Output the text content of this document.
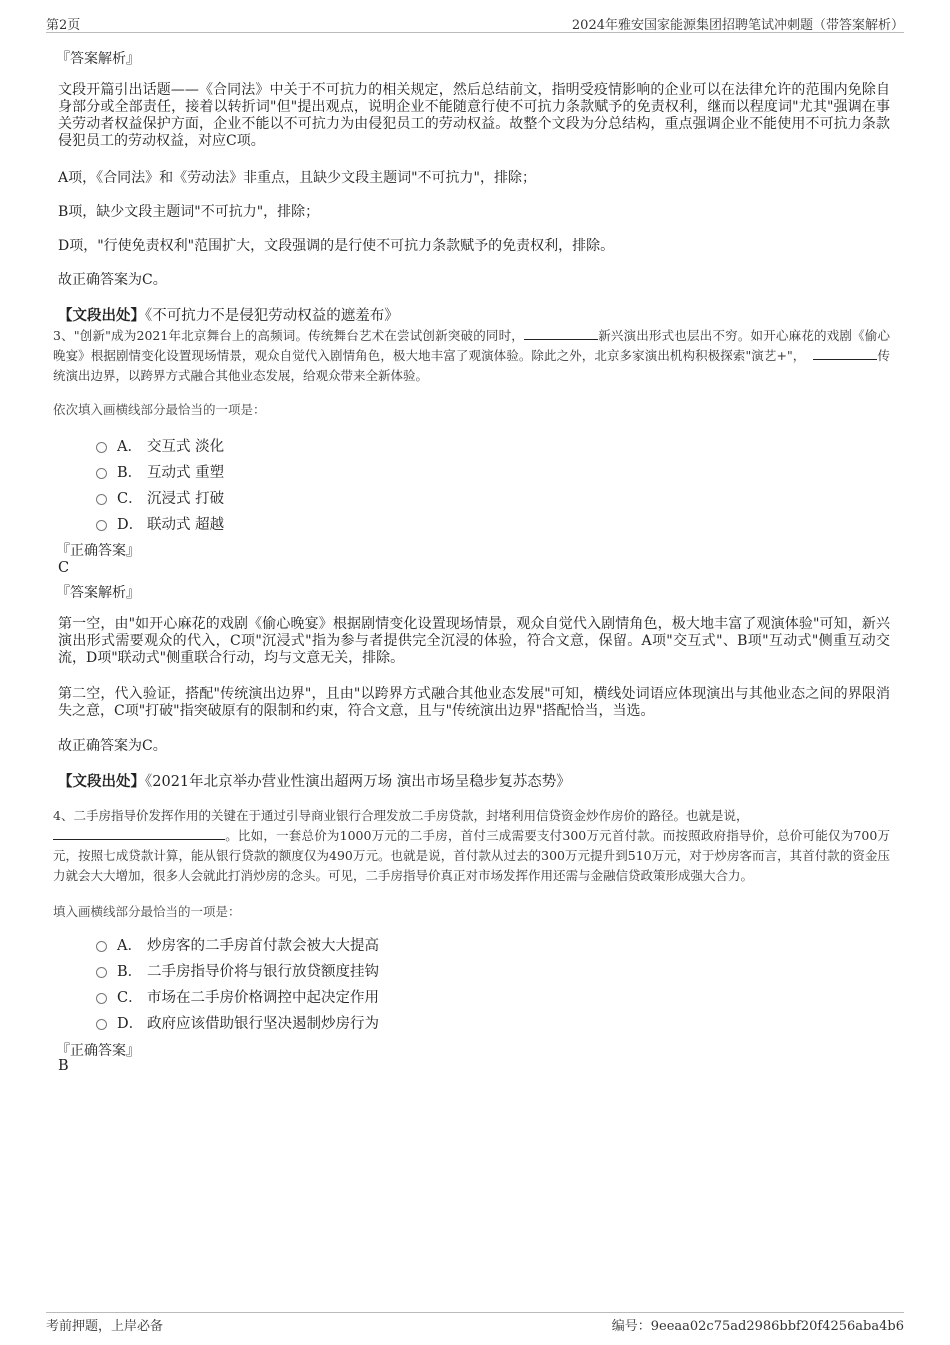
第2页	2024年雅安国家能源集团招聘笔试冲刺题（带答案解析）
『答案解析』
文段开篇引出话题——《合同法》中关于不可抗力的相关规定，然后总结前文，指明受疫情影响的企业可以在法律允许的范围内免除自身部分或全部责任，接着以转折词"但"提出观点，说明企业不能随意行使不可抗力条款赋予的免责权利，继而以程度词"尤其"强调在事关劳动者权益保护方面，企业不能以不可抗力为由侵犯员工的劳动权益。故整个文段为分总结构，重点强调企业不能使用不可抗力条款侵犯员工的劳动权益，对应C项。
A项，《合同法》和《劳动法》非重点，且缺少文段主题词"不可抗力"，排除；
B项，缺少文段主题词"不可抗力"，排除；
D项，"行使免责权利"范围扩大，文段强调的是行使不可抗力条款赋予的免责权利，排除。
故正确答案为C。
【文段出处】《不可抗力不是侵犯劳动权益的遮羞布》
3、"创新"成为2021年北京舞台上的高频词。传统舞台艺术在尝试创新突破的同时，	新兴演出形式也层出不穷。如开心麻花的戏剧《偷心晚宴》根据剧情变化设置现场情景，观众自觉代入剧情角色，极大地丰富了观演体验。除此之外，北京多家演出机构积极探索"演艺+"，	传统演出边界，以跨界方式融合其他业态发展，给观众带来全新体验。
依次填入画横线部分最恰当的一项是：
A． 交互式 淡化
B． 互动式 重塑
C． 沉浸式 打破
D． 联动式 超越
『正确答案』
C
『答案解析』
第一空，由"如开心麻花的戏剧《偷心晚宴》根据剧情变化设置现场情景，观众自觉代入剧情角色，极大地丰富了观演体验"可知，新兴演出形式需要观众的代入，C项"沉浸式"指为参与者提供完全沉浸的体验，符合文意，保留。A项"交互式"、B项"互动式"侧重互动交流，D项"联动式"侧重联合行动，均与文意无关，排除。
第二空，代入验证，搭配"传统演出边界"，且由"以跨界方式融合其他业态发展"可知，横线处词语应体现演出与其他业态之间的界限消失之意，C项"打破"指突破原有的限制和约束，符合文意，且与"传统演出边界"搭配恰当，当选。
故正确答案为C。
【文段出处】《2021年北京举办营业性演出超两万场 演出市场呈稳步复苏态势》
4、二手房指导价发挥作用的关键在于通过引导商业银行合理发放二手房贷款，封堵利用信贷资金炒作房价的路径。也就是说，
。比如，一套总价为1000万元的二手房，首付三成需要支付300万元首付款。而按照政府指导价，总价可能仅为700万元，按照七成贷款计算，能从银行贷款的额度仅为490万元。也就是说，首付款从过去的300万元提升到510万元，对于炒房客而言，其首付款的资金压力就会大大增加，很多人会就此打消炒房的念头。可见，二手房指导价真正对市场发挥作用还需与金融信贷政策形成强大合力。
填入画横线部分最恰当的一项是：
A． 炒房客的二手房首付款会被大大提高
B． 二手房指导价将与银行放贷额度挂钩
C． 市场在二手房价格调控中起决定作用
D． 政府应该借助银行坚决遏制炒房行为
『正确答案』
B
考前押题，上岸必备	编号：9eeaa02c75ad2986bbf20f4256aba4b6
